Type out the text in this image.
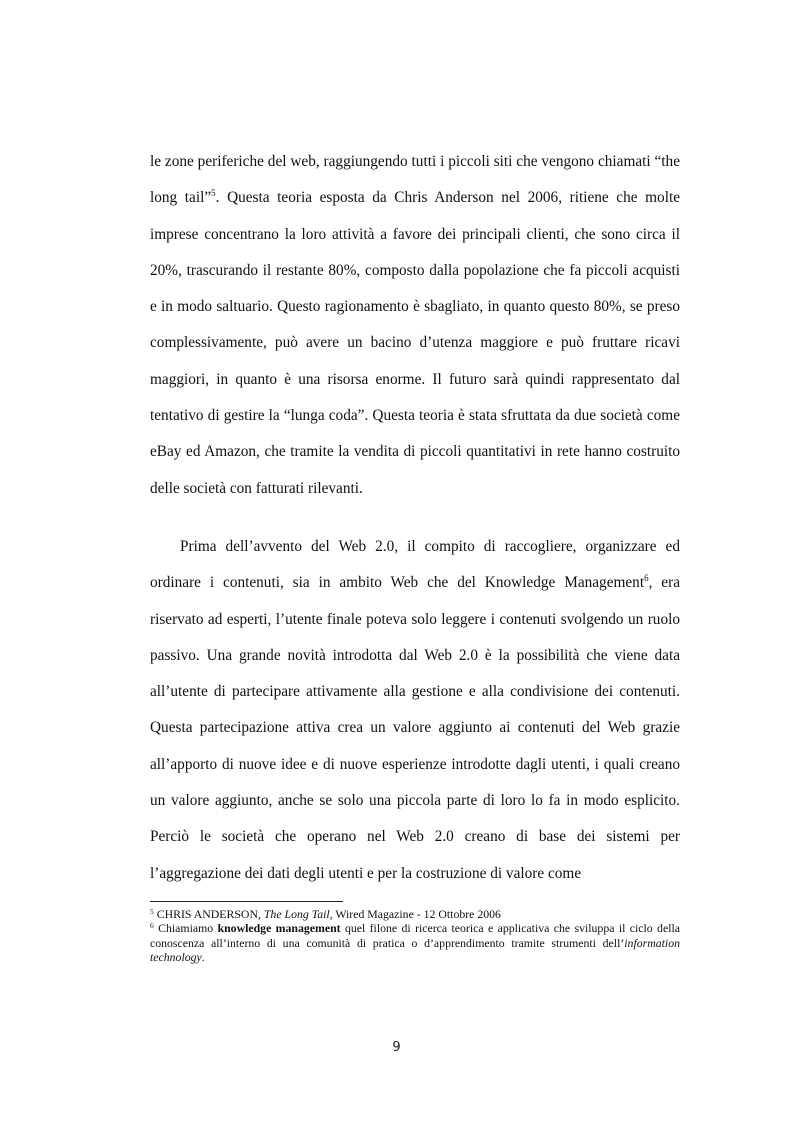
le zone periferiche del web, raggiungendo tutti i piccoli siti che vengono chiamati “the long tail”$^5$. Questa teoria esposta da Chris Anderson nel 2006, ritiene che molte imprese concentrano la loro attività a favore dei principali clienti, che sono circa il 20%, trascurando il restante 80%, composto dalla popolazione che fa piccoli acquisti e in modo saltuario. Questo ragionamento è sbagliato, in quanto questo 80%, se preso complessivamente, può avere un bacino d’utenza maggiore e può fruttare ricavi maggiori, in quanto è una risorsa enorme. Il futuro sarà quindi rappresentato dal tentativo di gestire la “lunga coda”. Questa teoria è stata sfruttata da due società come eBay ed Amazon, che tramite la vendita di piccoli quantitativi in rete hanno costruito delle società con fatturati rilevanti.

Prima dell’avvento del Web 2.0, il compito di raccogliere, organizzare ed ordinare i contenuti, sia in ambito Web che del Knowledge Management$^6$, era riservato ad esperti, l’utente finale poteva solo leggere i contenuti svolgendo un ruolo passivo. Una grande novità introdotta dal Web 2.0 è la possibilità che viene data all’utente di partecipare attivamente alla gestione e alla condivisione dei contenuti. Questa partecipazione attiva crea un valore aggiunto ai contenuti del Web grazie all’apporto di nuove idee e di nuove esperienze introdotte dagli utenti, i quali creano un valore aggiunto, anche se solo una piccola parte di loro lo fa in modo esplicito. Perciò le società che operano nel Web 2.0 creano di base dei sistemi per l’aggregazione dei dati degli utenti e per la costruzione di valore come

$^5$ CHRIS ANDERSON, The Long Tail, Wired Magazine - 12 Ottobre 2006

$^6$ Chiamiamo knowledge management quel filone di ricerca teorica e applicativa che sviluppa il ciclo della conoscenza all’interno di una comunità di pratica o d’apprendimento tramite strumenti dell’information technology.

9
